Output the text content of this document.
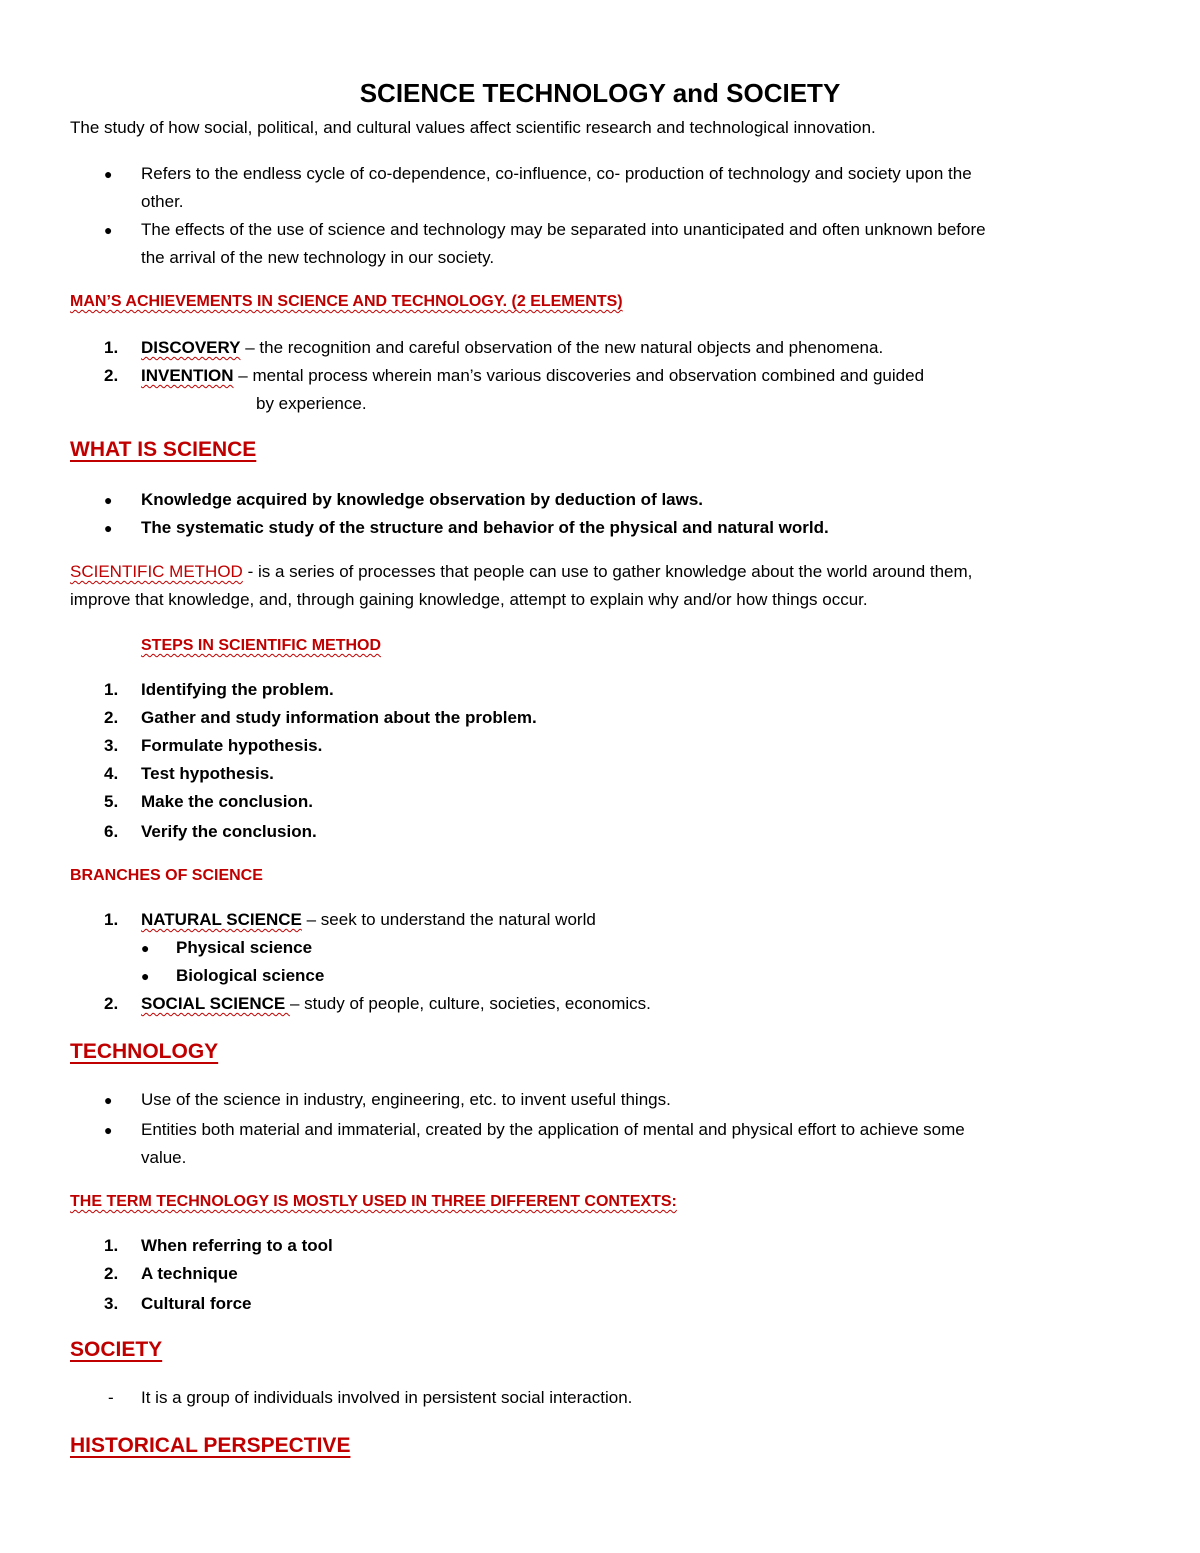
SCIENCE TECHNOLOGY and SOCIETY
The study of how social, political, and cultural values affect scientific research and technological innovation.
● Refers to the endless cycle of co-dependence, co-influence, co- production of technology and society upon the
other.
● The effects of the use of science and technology may be separated into unanticipated and often unknown before
the arrival of the new technology in our society.
MAN’S ACHIEVEMENTS IN SCIENCE AND TECHNOLOGY. (2 ELEMENTS)
1. DISCOVERY – the recognition and careful observation of the new natural objects and phenomena.
2. INVENTION – mental process wherein man’s various discoveries and observation combined and guided
by experience.
WHAT IS SCIENCE
● Knowledge acquired by knowledge observation by deduction of laws.
● The systematic study of the structure and behavior of the physical and natural world.
SCIENTIFIC METHOD - is a series of processes that people can use to gather knowledge about the world around them,
improve that knowledge, and, through gaining knowledge, attempt to explain why and/or how things occur.
STEPS IN SCIENTIFIC METHOD
1. Identifying the problem.
2. Gather and study information about the problem.
3. Formulate hypothesis.
4. Test hypothesis.
5. Make the conclusion.
6. Verify the conclusion.
BRANCHES OF SCIENCE
1. NATURAL SCIENCE – seek to understand the natural world
● Physical science
● Biological science
2. SOCIAL SCIENCE – study of people, culture, societies, economics.
TECHNOLOGY
● Use of the science in industry, engineering, etc. to invent useful things.
● Entities both material and immaterial, created by the application of mental and physical effort to achieve some
value.
THE TERM TECHNOLOGY IS MOSTLY USED IN THREE DIFFERENT CONTEXTS:
1. When referring to a tool
2. A technique
3. Cultural force
SOCIETY
- It is a group of individuals involved in persistent social interaction.
HISTORICAL PERSPECTIVE
